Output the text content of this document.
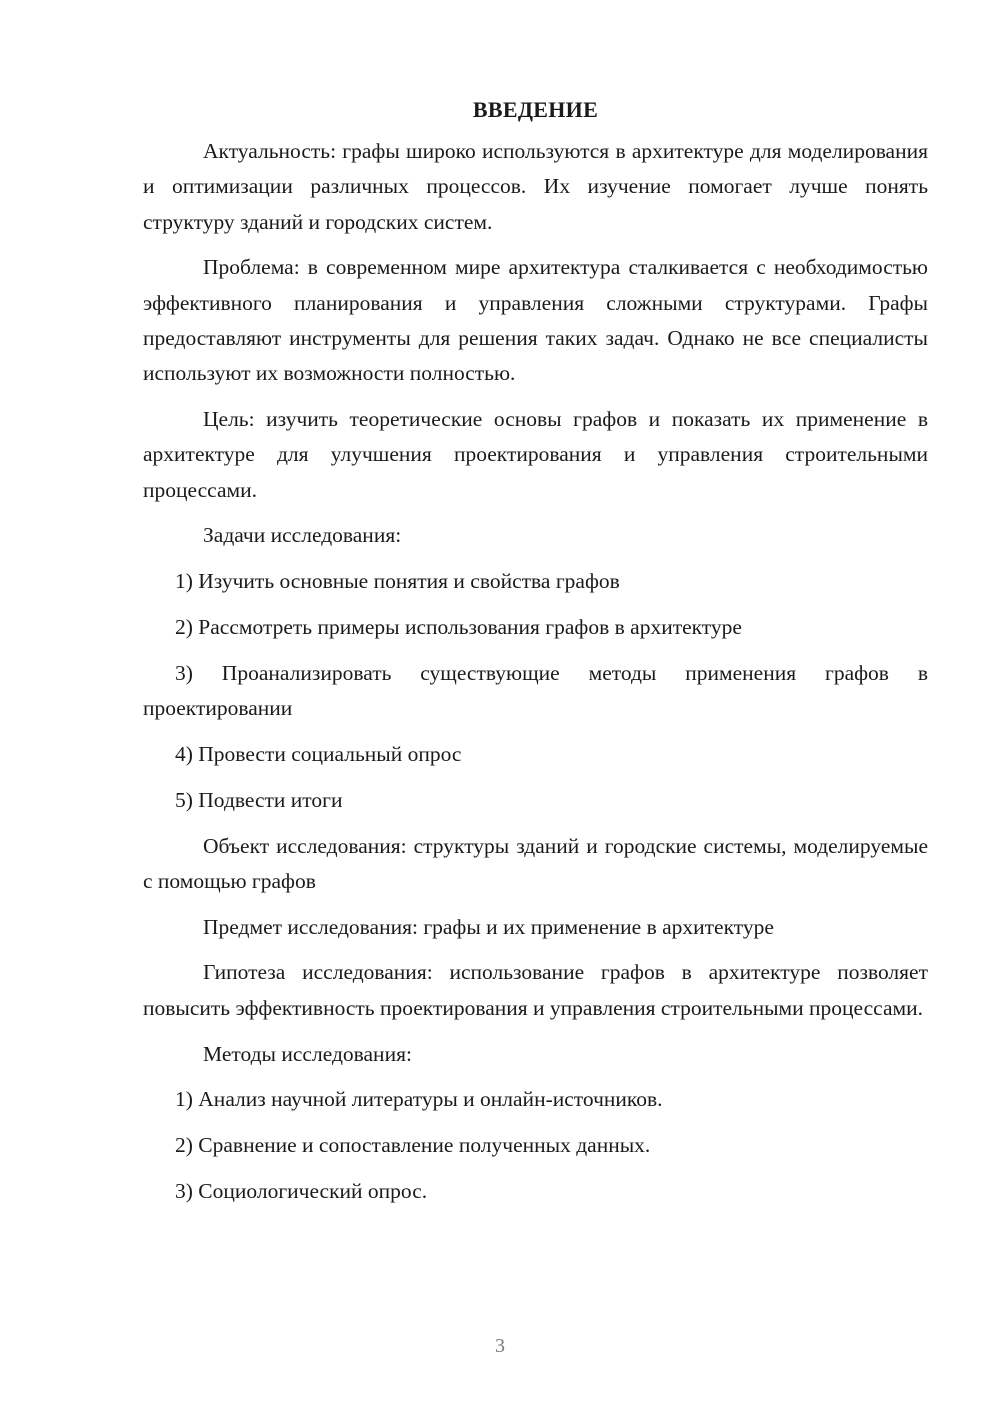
ВВЕДЕНИЕ

Актуальность: графы широко используются в архитектуре для моделирования и оптимизации различных процессов. Их изучение помогает лучше понять структуру зданий и городских систем.

Проблема: в современном мире архитектура сталкивается с необходимостью эффективного планирования и управления сложными структурами. Графы предоставляют инструменты для решения таких задач. Однако не все специалисты используют их возможности полностью.

Цель: изучить теоретические основы графов и показать их применение в архитектуре для улучшения проектирования и управления строительными процессами.

Задачи исследования:

1) Изучить основные понятия и свойства графов

2) Рассмотреть примеры использования графов в архитектуре

3) Проанализировать существующие методы применения графов в проектировании

4) Провести социальный опрос

5) Подвести итоги

Объект исследования: структуры зданий и городские системы, моделируемые с помощью графов

Предмет исследования: графы и их применение в архитектуре

Гипотеза исследования: использование графов в архитектуре позволяет повысить эффективность проектирования и управления строительными процессами.

Методы исследования:

1) Анализ научной литературы и онлайн-источников.

2) Сравнение и сопоставление полученных данных.

3) Социологический опрос.

3
